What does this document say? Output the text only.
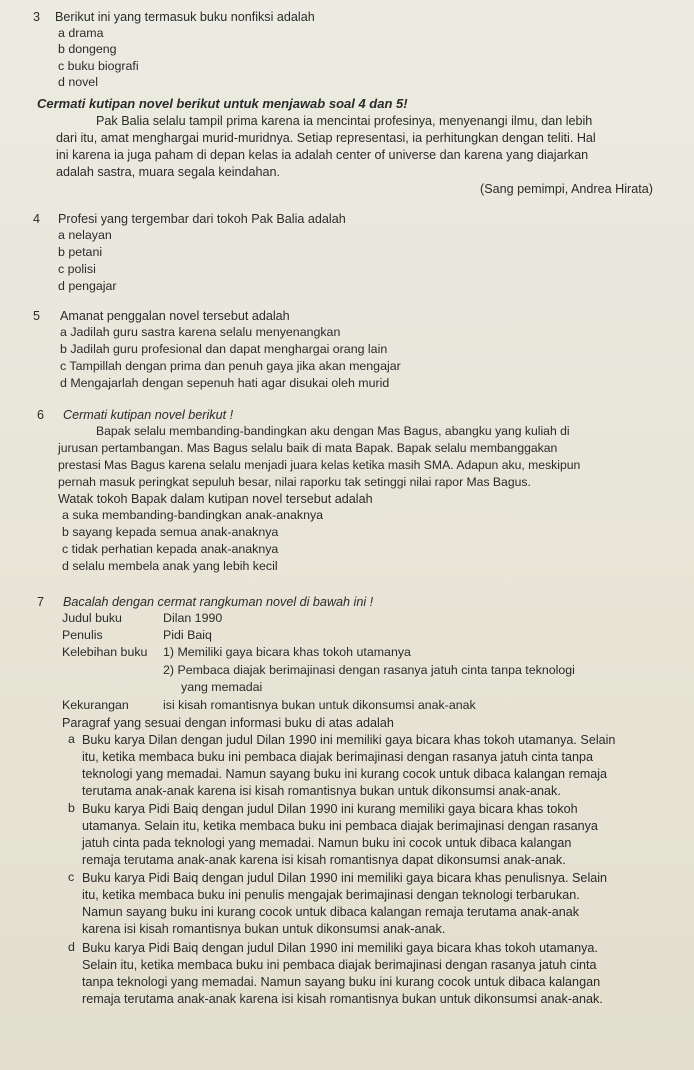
3 Berikut ini yang termasuk buku nonfiksi adalah
a drama
b dongeng
c buku biografi
d novel
Cermati kutipan novel berikut untuk menjawab soal 4 dan 5!
Pak Balia selalu tampil prima karena ia mencintai profesinya, menyenangi ilmu, dan lebih
dari itu, amat menghargai murid-muridnya. Setiap representasi, ia perhitungkan dengan teliti. Hal
ini karena ia juga paham di depan kelas ia adalah center of universe dan karena yang diajarkan
adalah sastra, muara segala keindahan.
(Sang pemimpi, Andrea Hirata)
4 Profesi yang tergembar dari tokoh Pak Balia adalah
a nelayan
b petani
c polisi
d pengajar
5 Amanat penggalan novel tersebut adalah
a Jadilah guru sastra karena selalu menyenangkan
b Jadilah guru profesional dan dapat menghargai orang lain
c Tampillah dengan prima dan penuh gaya jika akan mengajar
d Mengajarlah dengan sepenuh hati agar disukai oleh murid
6 Cermati kutipan novel berikut !
Bapak selalu membanding-bandingkan aku dengan Mas Bagus, abangku yang kuliah di
jurusan pertambangan. Mas Bagus selalu baik di mata Bapak. Bapak selalu membanggakan
prestasi Mas Bagus karena selalu menjadi juara kelas ketika masih SMA. Adapun aku, meskipun
pernah masuk peringkat sepuluh besar, nilai raporku tak setinggi nilai rapor Mas Bagus.
Watak tokoh Bapak dalam kutipan novel tersebut adalah
a suka membanding-bandingkan anak-anaknya
b sayang kepada semua anak-anaknya
c tidak perhatian kepada anak-anaknya
d selalu membela anak yang lebih kecil
7 Bacalah dengan cermat rangkuman novel di bawah ini !
Judul buku	Dilan 1990
Penulis	Pidi Baiq
Kelebihan buku 1) Memiliki gaya bicara khas tokoh utamanya
2) Pembaca diajak berimajinasi dengan rasanya jatuh cinta tanpa teknologi
yang memadai
Kekurangan	isi kisah romantisnya bukan untuk dikonsumsi anak-anak
Paragraf yang sesuai dengan informasi buku di atas adalah
a Buku karya Dilan dengan judul Dilan 1990 ini memiliki gaya bicara khas tokoh utamanya. Selain
itu, ketika membaca buku ini pembaca diajak berimajinasi dengan rasanya jatuh cinta tanpa
teknologi yang memadai. Namun sayang buku ini kurang cocok untuk dibaca kalangan remaja
terutama anak-anak karena isi kisah romantisnya bukan untuk dikonsumsi anak-anak.
b Buku karya Pidi Baiq dengan judul Dilan 1990 ini kurang memiliki gaya bicara khas tokoh
utamanya. Selain itu, ketika membaca buku ini pembaca diajak berimajinasi dengan rasanya
jatuh cinta pada teknologi yang memadai. Namun buku ini cocok untuk dibaca kalangan
remaja terutama anak-anak karena isi kisah romantisnya dapat dikonsumsi anak-anak.
c Buku karya Pidi Baiq dengan judul Dilan 1990 ini memiliki gaya bicara khas penulisnya. Selain
itu, ketika membaca buku ini penulis mengajak berimajinasi dengan teknologi terbarukan.
Namun sayang buku ini kurang cocok untuk dibaca kalangan remaja terutama anak-anak
karena isi kisah romantisnya bukan untuk dikonsumsi anak-anak.
d Buku karya Pidi Baiq dengan judul Dilan 1990 ini memiliki gaya bicara khas tokoh utamanya.
Selain itu, ketika membaca buku ini pembaca diajak berimajinasi dengan rasanya jatuh cinta
tanpa teknologi yang memadai. Namun sayang buku ini kurang cocok untuk dibaca kalangan
remaja terutama anak-anak karena isi kisah romantisnya bukan untuk dikonsumsi anak-anak.
